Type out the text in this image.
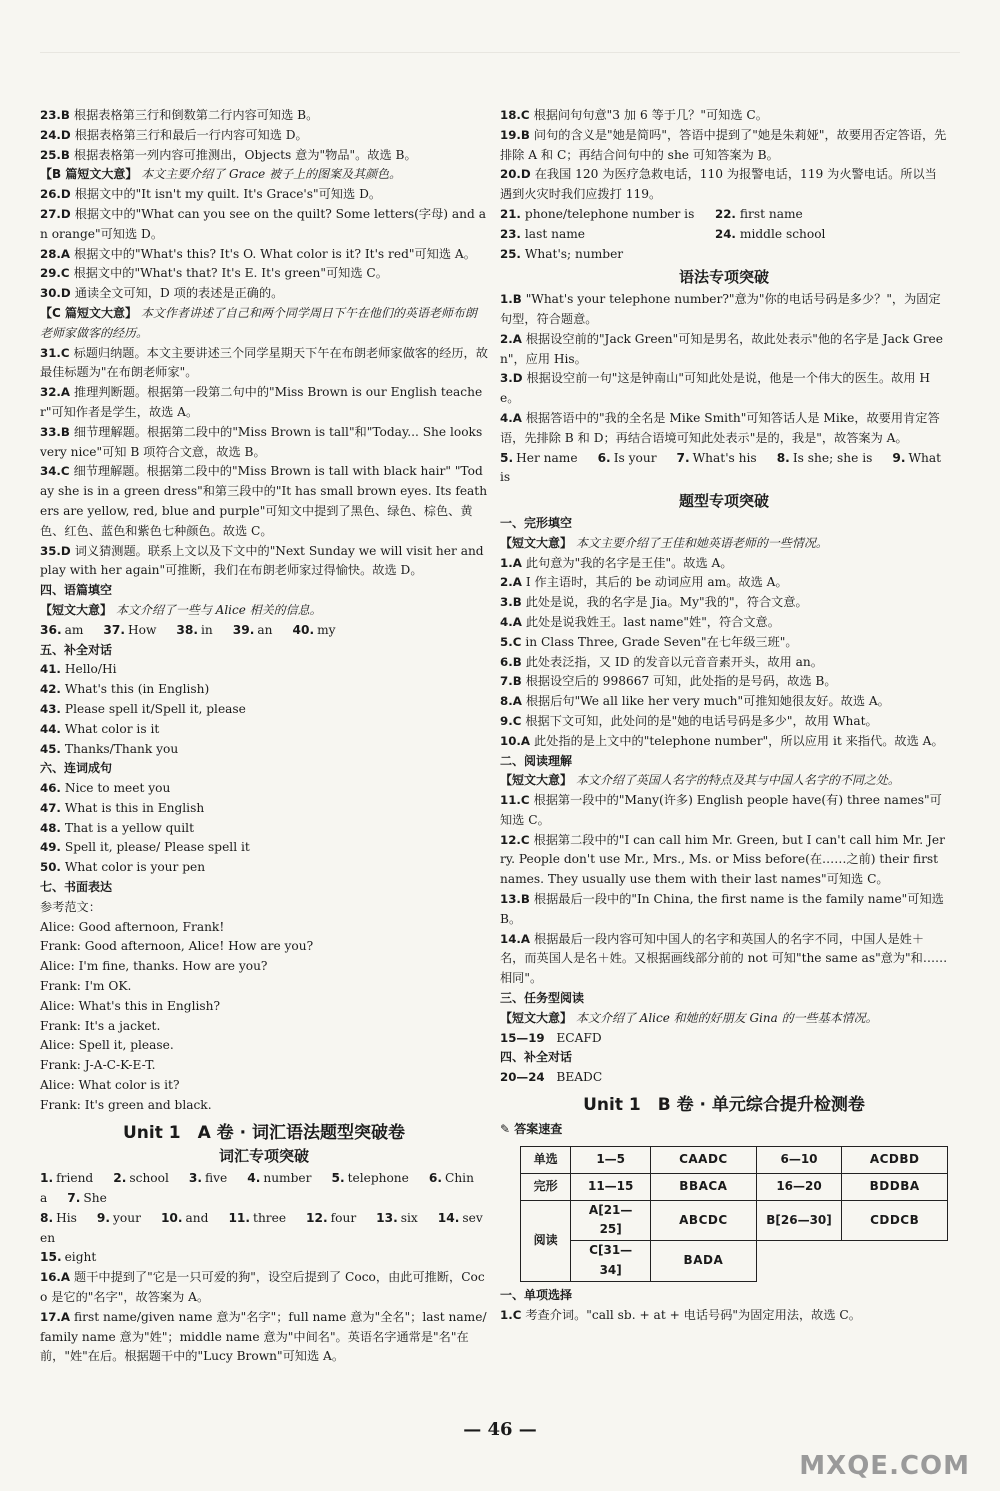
23.B 根据表格第三行和倒数第二行内容可知选 B。
24.D 根据表格第三行和最后一行内容可知选 D。
25.B 根据表格第一列内容可推测出，Objects 意为"物品"。故选 B。
【B 篇短文大意】 本文主要介绍了 Grace 被子上的图案及其颜色。
26.D 根据文中的"It isn't my quilt. It's Grace's"可知选 D。
27.D 根据文中的"What can you see on the quilt? Some letters(字母) and an orange"可知选 D。
28.A 根据文中的"What's this? It's O. What color is it? It's red"可知选 A。
29.C 根据文中的"What's that? It's E. It's green"可知选 C。
30.D 通读全文可知，D 项的表述是正确的。
【C 篇短文大意】 本文作者讲述了自己和两个同学周日下午在他们的英语老师布朗老师家做客的经历。
31.C 标题归纳题。本文主要讲述三个同学星期天下午在布朗老师家做客的经历，故最佳标题为"在布朗老师家"。
32.A 推理判断题。根据第一段第二句中的"Miss Brown is our English teacher"可知作者是学生，故选 A。
33.B 细节理解题。根据第二段中的"Miss Brown is tall"和"Today... She looks very nice"可知 B 项符合文意，故选 B。
34.C 细节理解题。根据第二段中的"Miss Brown is tall with black hair" "Today she is in a green dress"和第三段中的"It has small brown eyes. Its feathers are yellow, red, blue and purple"可知文中提到了黑色、绿色、棕色、黄色、红色、蓝色和紫色七种颜色。故选 C。
35.D 词义猜测题。联系上文以及下文中的"Next Sunday we will visit her and play with her again"可推断，我们在布朗老师家过得愉快。故选 D。
四、语篇填空
【短文大意】 本文介绍了一些与 Alice 相关的信息。
36. am 37. How 38. in 39. an 40. my
五、补全对话
41. Hello/Hi
42. What's this (in English)
43. Please spell it/Spell it, please
44. What color is it
45. Thanks/Thank you
六、连词成句
46. Nice to meet you
47. What is this in English
48. That is a yellow quilt
49. Spell it, please/ Please spell it
50. What color is your pen
七、书面表达
参考范文：
Alice: Good afternoon, Frank!
Frank: Good afternoon, Alice! How are you?
Alice: I'm fine, thanks. How are you?
Frank: I'm OK.
Alice: What's this in English?
Frank: It's a jacket.
Alice: Spell it, please.
Frank: J-A-C-K-E-T.
Alice: What color is it?
Frank: It's green and black.
Unit 1　A 卷 · 词汇语法题型突破卷
词汇专项突破
1. friend 2. school 3. five 4. number 5. telephone 6. China 7. She
8. His 9. your 10. and 11. three 12. four 13. six 14. seven
15. eight
16.A 题干中提到了"它是一只可爱的狗"，设空后提到了 Coco，由此可推断，Coco 是它的"名字"，故答案为 A。
17.A first name/given name 意为"名字"；full name 意为"全名"；last name/family name 意为"姓"；middle name 意为"中间名"。英语名字通常是"名"在前，"姓"在后。根据题干中的"Lucy Brown"可知选 A。
18.C 根据问句句意"3 加 6 等于几？"可知选 C。
19.B 问句的含义是"她是简吗"，答语中提到了"她是朱莉娅"，故要用否定答语，先排除 A 和 C；再结合问句中的 she 可知答案为 B。
20.D 在我国 120 为医疗急救电话，110 为报警电话，119 为火警电话。所以当遇到火灾时我们应拨打 119。
21. phone/telephone number is	22. first name
23. last name	24. middle school
25. What's; number
语法专项突破
1.B "What's your telephone number?"意为"你的电话号码是多少？"，为固定句型，符合题意。
2.A 根据设空前的"Jack Green"可知是男名，故此处表示"他的名字是 Jack Green"，应用 His。
3.D 根据设空前一句"这是钟南山"可知此处是说，他是一个伟大的医生。故用 He。
4.A 根据答语中的"我的全名是 Mike Smith"可知答话人是 Mike，故要用肯定答语，先排除 B 和 D；再结合语境可知此处表示"是的，我是"，故答案为 A。
5. Her name 6. Is your 7. What's his 8. Is she; she is 9. What is
题型专项突破
一、完形填空
【短文大意】 本文主要介绍了王佳和她英语老师的一些情况。
1.A 此句意为"我的名字是王佳"。故选 A。
2.A I 作主语时，其后的 be 动词应用 am。故选 A。
3.B 此处是说，我的名字是 Jia。My"我的"，符合文意。
4.A 此处是说我姓王。last name"姓"，符合文意。
5.C in Class Three, Grade Seven"在七年级三班"。
6.B 此处表泛指，又 ID 的发音以元音音素开头，故用 an。
7.B 根据设空后的 998667 可知，此处指的是号码，故选 B。
8.A 根据后句"We all like her very much"可推知她很友好。故选 A。
9.C 根据下文可知，此处问的是"她的电话号码是多少"，故用 What。
10.A 此处指的是上文中的"telephone number"，所以应用 it 来指代。故选 A。
二、阅读理解
【短文大意】 本文介绍了英国人名字的特点及其与中国人名字的不同之处。
11.C 根据第一段中的"Many(许多) English people have(有) three names"可知选 C。
12.C 根据第二段中的"I can call him Mr. Green, but I can't call him Mr. Jerry. People don't use Mr., Mrs., Ms. or Miss before(在……之前) their first names. They usually use them with their last names"可知选 C。
13.B 根据最后一段中的"In China, the first name is the family name"可知选 B。
14.A 根据最后一段内容可知中国人的名字和英国人的名字不同，中国人是姓＋名，而英国人是名＋姓。又根据画线部分前的 not 可知"the same as"意为"和……相同"。
三、任务型阅读
【短文大意】 本文介绍了 Alice 和她的好朋友 Gina 的一些基本情况。
15—19 ECAFD
四、补全对话
20—24 BEADC
Unit 1　B 卷 · 单元综合提升检测卷
✎ 答案速查
单选	1—5	CAADC	6—10	ACDBD
完形	11—15	BBACA	16—20	BDDBA
阅读	A[21—25]	ABCDC	B[26—30]	CDDCB
	C[31—34]	BADA		
一、单项选择
1.C 考查介词。"call sb. + at + 电话号码"为固定用法，故选 C。
— 46 —
MXQE.COM
